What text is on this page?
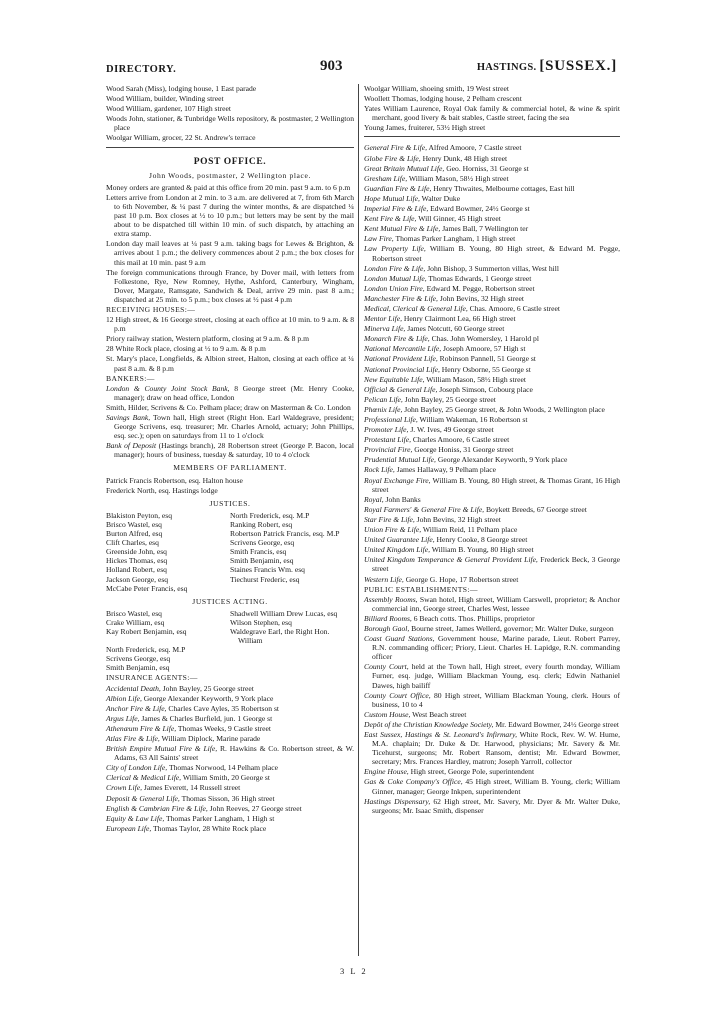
DIRECTORY.	903	HASTINGS. [SUSSEX.]
Wood Sarah (Miss), lodging house, 1 East parade
Wood William, builder, Winding street
Wood William, gardener, 107 High street
Woods John, stationer, & Tunbridge Wells repository, & postmaster, 2 Wellington place
Woolgar William, grocer, 22 St. Andrew's terrace
POST OFFICE.
John Woods, postmaster, 2 Wellington place.
Money orders are granted & paid at this office from 20 min. past 9 a.m. to 6 p.m
Letters arrive from London at 2 min. to 3 a.m. are delivered at 7, from 6th March to 6th November, & ¼ past 7 during the winter months, & are dispatched ¼ past 10 p.m. Box closes at ½ to 10 p.m.; but letters may be sent by the mail about to be dispatched till within 10 min. of such dispatch, by attaching an extra stamp.
London day mail leaves at ¼ past 9 a.m. taking bags for Lewes & Brighton, & arrives about 1 p.m.; the delivery commences about 2 p.m.; the box closes for this mail at 10 min. past 9 a.m
The foreign communications through France, by Dover mail, with letters from Folkestone, Rye, New Romney, Hythe, Ashford, Canterbury, Wingham, Dover, Margate, Ramsgate, Sandwich & Deal, arrive 29 min. past 8 a.m.; dispatched at 25 min. to 5 p.m.; box closes at ½ past 4 p.m
RECEIVING HOUSES:—
12 High street, & 16 George street, closing at each office at 10 min. to 9 a.m. & 8 p.m
Priory railway station, Western platform, closing at 9 a.m. & 8 p.m
28 White Rock place, closing at ½ to 9 a.m. & 8 p.m
St. Mary's place, Longfields, & Albion street, Halton, closing at each office at ¼ past 8 a.m. & 8 p.m
BANKERS:—
London & County Joint Stock Bank, 8 George street (Mr. Henry Cooke, manager); draw on head office, London
Smith, Hilder, Scrivens & Co. Pelham place; draw on Masterman & Co. London
Savings Bank, Town hall, High street (Right Hon. Earl Waldegrave, president; George Scrivens, esq. treasurer; Mr. Charles Arnold, actuary; John Phillips, esq. sec.); open on saturdays from 11 to 1 o'clock
Bank of Deposit (Hastings branch), 28 Robertson street (George P. Bacon, local manager); hours of business, tuesday & saturday, 10 to 4 o'clock
MEMBERS OF PARLIAMENT.
Patrick Francis Robertson, esq. Halton house
Frederick North, esq. Hastings lodge
JUSTICES.
Blakiston Peyton, esq	North Frederick, esq. M.P
Brisco Wastel, esq	Ranking Robert, esq
Burton Alfred, esq	Robertson Patrick Francis, esq. M.P
Clift Charles, esq	Scrivens George, esq
Greenside John, esq	Smith Francis, esq
Hickes Thomas, esq	Smith Benjamin, esq
Holland Robert, esq	Staines Francis Wm. esq
Jackson George, esq	Tiechurst Frederic, esq
McCabe Peter Francis, esq
JUSTICES ACTING.
Brisco Wastel, esq	Shadwell William Drew Lucas, esq
Crake William, esq	Wilson Stephen, esq
Kay Robert Benjamin, esq	Waldegrave Earl, the Right Hon. William
North Frederick, esq. M.P
Scrivens George, esq
Smith Benjamin, esq
INSURANCE AGENTS:—
Accidental Death, John Bayley, 25 George street
Albion Life, George Alexander Keyworth, 9 York place
Anchor Fire & Life, Charles Cave Ayles, 35 Robertson st
Argus Life, James & Charles Burfield, jun. 1 George st
Athenæum Fire & Life, Thomas Weeks, 9 Castle street
Atlas Fire & Life, William Diplock, Marine parade
British Empire Mutual Fire & Life, R. Hawkins & Co. Robertson street, & W. Adams, 63 All Saints' street
City of London Life, Thomas Norwood, 14 Pelham place
Clerical & Medical Life, William Smith, 20 George st
Crown Life, James Everett, 14 Russell street
Deposit & General Life, Thomas Sisson, 36 High street
English & Cambrian Fire & Life, John Reeves, 27 George street
Equity & Law Life, Thomas Parker Langham, 1 High st
European Life, Thomas Taylor, 28 White Rock place
Woolgar William, shoeing smith, 19 West street
Woollett Thomas, lodging house, 2 Pelham crescent
Yates William Laurence, Royal Oak family & commercial hotel, & wine & spirit merchant, good livery & bait stables, Castle street, facing the sea
Young James, fruiterer, 53½ High street
General Fire & Life, Alfred Amoore, 7 Castle street
Globe Fire & Life, Henry Dunk, 48 High street
Great Britain Mutual Life, Geo. Horniss, 31 George st
Gresham Life, William Mason, 58½ High street
Guardian Fire & Life, Henry Thwaites, Melbourne cottages, East hill
Hope Mutual Life, Walter Duke
Imperial Fire & Life, Edward Bowmer, 24½ George st
Kent Fire & Life, Will Ginner, 45 High street
Kent Mutual Fire & Life, James Ball, 7 Wellington ter
Law Fire, Thomas Parker Langham, 1 High street
Law Property Life, William B. Young, 80 High street, & Edward M. Pegge, Robertson street
London Fire & Life, John Bishop, 3 Summerton villas, West hill
London Mutual Life, Thomas Edwards, 1 George street
London Union Fire, Edward M. Pegge, Robertson street
Manchester Fire & Life, John Bevins, 32 High street
Medical, Clerical & General Life, Chas. Amoore, 6 Castle street
Mentor Life, Henry Clairmont Lea, 66 High street
Minerva Life, James Notcutt, 60 George street
Monarch Fire & Life, Chas. John Womersley, 1 Harold pl
National Mercantile Life, Joseph Amoore, 57 High st
National Provident Life, Robinson Pannell, 51 George st
National Provincial Life, Henry Osborne, 55 George st
New Equitable Life, William Mason, 58½ High street
Official & General Life, Joseph Simson, Cobourg place
Pelican Life, John Bayley, 25 George street
Phœnix Life, John Bayley, 25 George street, & John Woods, 2 Wellington place
Professional Life, William Wakeman, 16 Robertson st
Promoter Life, J. W. Ives, 49 George street
Protestant Life, Charles Amoore, 6 Castle street
Provincial Fire, George Honiss, 31 George street
Prudential Mutual Life, George Alexander Keyworth, 9 York place
Rock Life, James Hallaway, 9 Pelham place
Royal Exchange Fire, William B. Young, 80 High street, & Thomas Grant, 16 High street
Royal, John Banks
Royal Farmers' & General Fire & Life, Boykett Breeds, 67 George street
Star Fire & Life, John Bevins, 32 High street
Union Fire & Life, William Reid, 11 Pelham place
United Guarantee Life, Henry Cooke, 8 George street
United Kingdom Life, William B. Young, 80 High street
United Kingdom Temperance & General Provident Life, Frederick Beck, 3 George street
Western Life, George G. Hope, 17 Robertson street
PUBLIC ESTABLISHMENTS:—
Assembly Rooms, Swan hotel, High street, William Carswell, proprietor; & Anchor commercial inn, George street, Charles West, lessee
Billiard Rooms, 6 Beach cotts. Thos. Phillips, proprietor
Borough Gaol, Bourne street, James Wellerd, governor; Mr. Walter Duke, surgeon
Coast Guard Stations, Government house, Marine parade, Lieut. Robert Parrey, R.N. commanding officer; Priory, Lieut. Charles H. Lapidge, R.N. commanding officer
County Court, held at the Town hall, High street, every fourth monday, William Furner, esq. judge, William Blackman Young, esq. clerk; Edwin Nathaniel Dawes, high bailiff
County Court Office, 80 High street, William Blackman Young, clerk. Hours of business, 10 to 4
Custom House, West Beach street
Depôt of the Christian Knowledge Society, Mr. Edward Bowmer, 24½ George street
East Sussex, Hastings & St. Leonard's Infirmary, White Rock, Rev. W. W. Hume, M.A. chaplain; Dr. Duke & Dr. Harwood, physicians; Mr. Savery & Mr. Ticehurst, surgeons; Mr. Robert Ransom, dentist; Mr. Edward Bowmer, secretary; Mrs. Frances Hardley, matron; Joseph Yarroll, collector
Engine House, High street, George Pole, superintendent
Gas & Coke Company's Office, 45 High street, William B. Young, clerk; William Ginner, manager; George Inkpen, superintendent
Hastings Dispensary, 62 High street, Mr. Savery, Mr. Dyer & Mr. Walter Duke, surgeons; Mr. Isaac Smith, dispenser
3 L 2
